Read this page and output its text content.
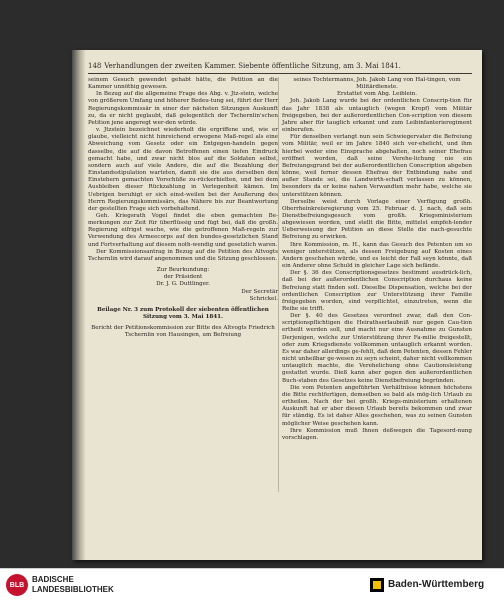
148 Verhandlungen der zweiten Kammer. Siebente öffentliche Sitzung, am 3. Mai 1841.

seinem Gesuch gewendet gehabt hätte, die Petition an die Kammer unnöthig gewesen.

In Bezug auf die allgemeine Frage des Abg. v. Jtz-stein, welche von größerem Umfang und höherer Bedeu-tung sei, führt der Herr Regierungskommissär in einer der nächsten Sitzungen Auskunft zu, da er nicht geglaubt, daß gelegentlich der Tschernlin'schen Petition jene angeregt wer-den würde.

v. Jtzstein bezeichnet wiederholt die ergriffene und, wie er glaube, vielleicht nicht hinreichend erwogene Maß-regel als eine Abweichung vom Gesetz oder ein Entgegen-handeln gegen dasselbe, die auf die davon Betroffenen einen tiefen Eindruck gemacht habe, und zwar nicht blos auf die Soldaten selbst, sondern auch auf viele Andere, die auf die Bezahlung der Einstandsstipulation warteten, damit sie die aus derselben den Einstehern gemachten Vorschüße zu-rückerhielten, und bei dem Ausbleiben dieser Rückzahlung in Verlegenheit kämen. Im Uebrigen beruhigt er sich einst-weilen bei der Aeußerung des Herrn Regierungskommissärs, das Nähere bis zur Beantwortung der gestellten Frage sich vorbehaltend.

Geh. Kriegsrath Vogel findet die eben gemachten Be-merkungen zur Zeit für überflüssig und fügt bei, daß die großh. Regierung eifrigst wache, wie die getroffenen Maß-regeln zur Verwendung des Armeecorps auf den bundes-gesetzlichen Stand und Fortverhaltung auf diesem noth-wendig und gesetzlich waren.

Der Kommissionsantrag in Bezug auf die Petition des Altvogts Tschernlin wird darauf angenommen und die Sitzung geschlossen.

Zur Beurkundung:

der Präsident

Dr. J. G. Duttlinger.

Der Secretär

Schrickel.

Beilage Nr. 3 zum Protokoll der siebenten öffentlichen Sitzung vom 3. Mai 1841.

Bericht der Petitionskommission zur Bitte des Altvogts Friedrich Tschernlin von Hausingen, um Befreiung

seines Tochtermanns, Joh. Jakob Lang von Hal-tingen, vom Militärdienste.

Erstattet vom Abg. Leiblein.

Joh. Jakob Lang wurde bei der ordentlichen Conscrip-tion für das Jahr 1838 als untauglich (wegen Kropf) vom Militär freigegeben, bei der außerordentlichen Con-scription von diesem Jahre aber für tauglich erkannt und zum Leibinfanterieregiment einberufen.

Für denselben verlangt nun sein Schwiegervater die Befreiung vom Militär, weil er im Jahre 1840 sich ver-ehelicht, und ihm hierbei weder eine Einsprache abgehalten, noch seiner Ehefrau eröffnet worden, daß seine Verehe-lichung nie ein Befreiungsgrund bei der außerordentlichen Conscription abgeben könne, weil ferner dessen Ehefrau der Entbindung nahe und außer Stande sei, die Landwirth-schaft verlassen zu können, besonders da er keine nahen Verwandten mehr habe, welche sie unterstützen können.

Derselbe weist durch Vorlage einer Verfügung großh. Oberrheinkreisregierung vom 25. Februar d. J. nach, daß sein Dienstbefreiungsgesuch vom großh. Kriegsministerium abgewiesen worden, und stellt die Bitte, mittelst empfeh-lender Ueberweisung der Petition an diese Stelle die nach-gesuchte Befreiung zu erwirken.

Ihre Kommission, m. H., kann das Gesuch des Petenten um so weniger unterstützen, als dessen Freigebung auf Kosten eines Andern geschehen würde, und es leicht der Fall seyn könnte, daß ein Anderer ohne Schuld in gleicher Lage sich befände.

Der §. 36 des Conscriptionsgesetzes bestimmt ausdrück-lich, daß bei der außerordentlichen Conscription durchaus keine Befreiung statt finden soll. Dieselbe Dispensation, welche bei der ordentlichen Conscription zur Unterstützung ihrer Familie freigegeben worden, sind verpflichtet, einzutreten, wenn die Reihe sie trifft.

Der §. 40 des Gesetzes verordnet zwar, daß den Con-scriptionspflichtigen die Heirathserlaubniß nur gegen Cau-tion ertheilt werden soll, und macht nur eine Ausnahme zu Gunsten Derjenigen, welche zur Unterstützung ihrer Fa-milie freigestellt, oder zum Kriegsdienste vollkommen untauglich erkannt worden. Es war daher allerdings ge-fehlt, daß dem Petenten, dessen Fehler nicht unheilbar ge-wesen zu seyn scheint, daher nicht vollkommen untauglich machte, die Verehelichung ohne Cautionsleistung gestattet wurde. Dieß kann aber gegen den außerordentlichen Buch-staben des Gesetzes keine Dienstbefreiung begründen.

Die vom Petenten angeführten Verhältnisse können höchstens die Bitte rechtfertigen, demselben so bald als mög-lich Urlaub zu ertheilen. Nach der bei großh. Kriegs-ministerium erhaltenen Auskunft hat er aber diesen Urlaub bereits bekommen und zwar für ständig. Es ist daher Alles geschehen, was zu seinen Gunsten möglicher Weise geschehen kann.

Ihre Kommission muß Ihnen deßwegen die Tagesord-nung vorschlagen.

BLB
BADISCHE
LANDESBIBLIOTHEK	Baden-Württemberg
